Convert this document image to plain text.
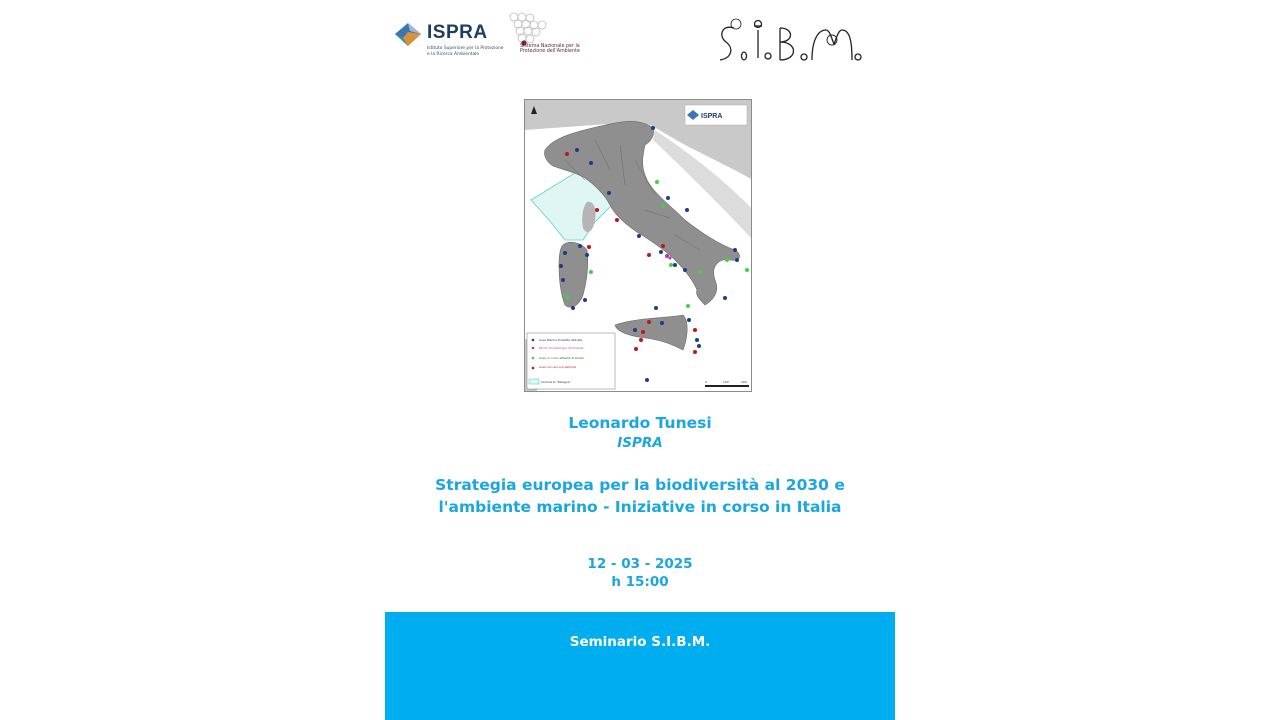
ISPRA
Istituto Superiore per la Protezione e la Ricerca Ambientale
Sistema Nazionale per la Protezione dell'Ambiente
ISPRA
Aree Marine Protette istituite
Parchi Archeologici Sommersi
Aree in corso attività di studio
Aree non ancora istituite
Santuario "Pelagos"	0	100	200
Leonardo Tunesi
ISPRA
Strategia europea per la biodiversità al 2030 e
l'ambiente marino - Iniziative in corso in Italia
12 - 03 - 2025
h 15:00
Seminario S.I.B.M.
